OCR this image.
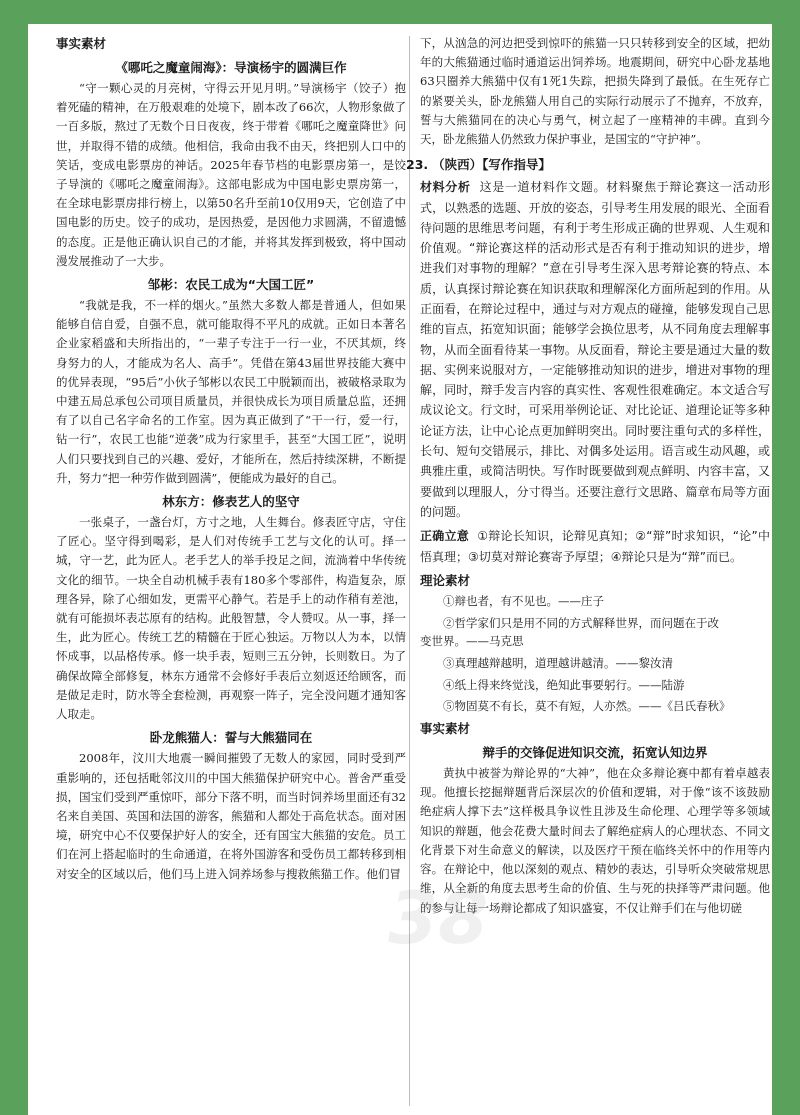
事实素材
《哪吒之魔童闹海》：导演杨宇的圆满巨作

“守一颗心灵的月亮树，守得云开见月明。”导演杨宇（饺子）抱着死磕的精神，在万般艰难的处境下，剧本改了66次，人物形象做了一百多版，熬过了无数个日日夜夜，终于带着《哪吒之魔童降世》问世，并取得不错的成绩。他相信，我命由我不由天，终把别人口中的笑话，变成电影票房的神话。2025年春节档的电影票房第一，是饺子导演的《哪吒之魔童闹海》。这部电影成为中国电影史票房第一，在全球电影票房排行榜上，以第50名升至前10仅用9天，它创造了中国电影的历史。饺子的成功，是因热爱，是因他力求圆满，不留遗憾的态度。正是他正确认识自己的才能，并将其发挥到极致，将中国动漫发展推动了一大步。

邹彬：农民工成为“大国工匠”

“我就是我，不一样的烟火。”虽然大多数人都是普通人，但如果能够自信自爱，自强不息，就可能取得不平凡的成就。正如日本著名企业家稻盛和夫所指出的，“一辈子专注于一行一业，不厌其烦，终身努力的人，才能成为名人、高手”。凭借在第43届世界技能大赛中的优异表现，“95后”小伙子邹彬以农民工中脱颖而出，被破格录取为中建五局总承包公司项目质量员，并很快成长为项目质量总监，还拥有了以自己名字命名的工作室。因为真正做到了“干一行，爱一行，钻一行”，农民工也能“逆袭”成为行家里手，甚至“大国工匠”，说明人们只要找到自己的兴趣、爱好，才能所在，然后持续深耕，不断提升，努力“把一种劳作做到圆满”，便能成为最好的自己。

林东方：修表艺人的坚守

一张桌子，一盏台灯，方寸之地，人生舞台。修表匠守店，守住了匠心。坚守得到喝彩，是人们对传统手工艺与文化的认可。择一城，守一艺，此为匠人。老手艺人的举手投足之间，流淌着中华传统文化的细节。一块全自动机械手表有180多个零部件，构造复杂，原理各异，除了心细如发，更需平心静气。若是手上的动作稍有差池，就有可能损坏表芯原有的结构。此般智慧，令人赞叹。从一事，择一生，此为匠心。传统工艺的精髓在于匠心独运。万物以人为本，以情怀成事，以品格传承。修一块手表，短则三五分钟，长则数日。为了确保故障全部修复，林东方通常不会修好手表后立刻返还给顾客，而是做足走时，防水等全套检测，再观察一阵子，完全没问题才通知客人取走。

卧龙熊猫人：誓与大熊猫同在

2008年，汶川大地震一瞬间摧毁了无数人的家园，同时受到严重影响的，还包括毗邻汶川的中国大熊猫保护研究中心。普舍严重受损，国宝们受到严重惊吓，部分下落不明，而当时饲养场里面还有32名来自美国、英国和法国的游客，熊猫和人都处于高危状态。面对困境，研究中心不仅要保护好人的安全，还有国宝大熊猫的安危。员工们在河上搭起临时的生命通道，在将外国游客和受伤员工都转移到相对安全的区域以后，他们马上进入饲养场参与搜救熊猫工作。他们冒

下，从汹急的河边把受到惊吓的熊猫一只只转移到安全的区域，把幼年的大熊猫通过临时通道运出饲养场。地震期间，研究中心卧龙基地63只圈养大熊猫中仅有1死1失踪，把损失降到了最低。在生死存亡的紧要关头，卧龙熊猫人用自己的实际行动展示了不抛弃，不放弃，誓与大熊猫同在的决心与勇气，树立起了一座精神的丰碑。直到今天，卧龙熊猫人仍然致力保护事业，是国宝的“守护神”。

23. （陕西）【写作指导】

材料分析 这是一道材料作文题。材料聚焦于辩论赛这一活动形式，以熟悉的选题、开放的姿态，引导考生用发展的眼光、全面看待问题的思维思考问题，有利于考生形成正确的世界观、人生观和价值观。“辩论赛这样的活动形式是否有利于推动知识的进步，增进我们对事物的理解？”意在引导考生深入思考辩论赛的特点、本质，认真探讨辩论赛在知识获取和理解深化方面所起到的作用。从正面看，在辩论过程中，通过与对方观点的碰撞，能够发现自己思维的盲点，拓宽知识面；能够学会换位思考，从不同角度去理解事物，从而全面看待某一事物。从反面看，辩论主要是通过大量的数据、实例来说服对方，一定能够推动知识的进步，增进对事物的理解，同时，辩手发言内容的真实性、客观性很难确定。本文适合写成议论文。行文时，可采用举例论证、对比论证、道理论证等多种论证方法，让中心论点更加鲜明突出。同时要注重句式的多样性，长句、短句交错展示，排比、对偶多处运用。语言或生动风趣，或典雅庄重，或简洁明快。写作时既要做到观点鲜明、内容丰富，又要做到以理服人，分寸得当。还要注意行文思路、篇章布局等方面的问题。

正确立意 ①辩论长知识，论辩见真知；②“辩”时求知识，“论”中悟真理；③切莫对辩论赛寄予厚望；④辩论只是为“辩”而已。

理论素材
①辩也者，有不见也。——庄子
②哲学家们只是用不同的方式解释世界，而问题在于改
变世界。——马克思
③真理越辩越明，道理越讲越清。——黎汝清
④纸上得来终觉浅，绝知此事要躬行。——陆游
⑤物固莫不有长，莫不有短，人亦然。——《吕氏春秋》
事实素材
辩手的交锋促进知识交流，拓宽认知边界

黄执中被誉为辩论界的“大神”，他在众多辩论赛中都有着卓越表现。他擅长挖掘辩题背后深层次的价值和逻辑，对于像“该不该鼓励绝症病人撑下去”这样极具争议性且涉及生命伦理、心理学等多领域知识的辩题，他会花费大量时间去了解绝症病人的心理状态、不同文化背景下对生命意义的解读，以及医疗干预在临终关怀中的作用等内容。在辩论中，他以深刻的观点、精妙的表达，引导听众突破常规思维，从全新的角度去思考生命的价值、生与死的抉择等严肃问题。他的参与让每一场辩论都成了知识盛宴，不仅让辩手们在与他切磋

38
